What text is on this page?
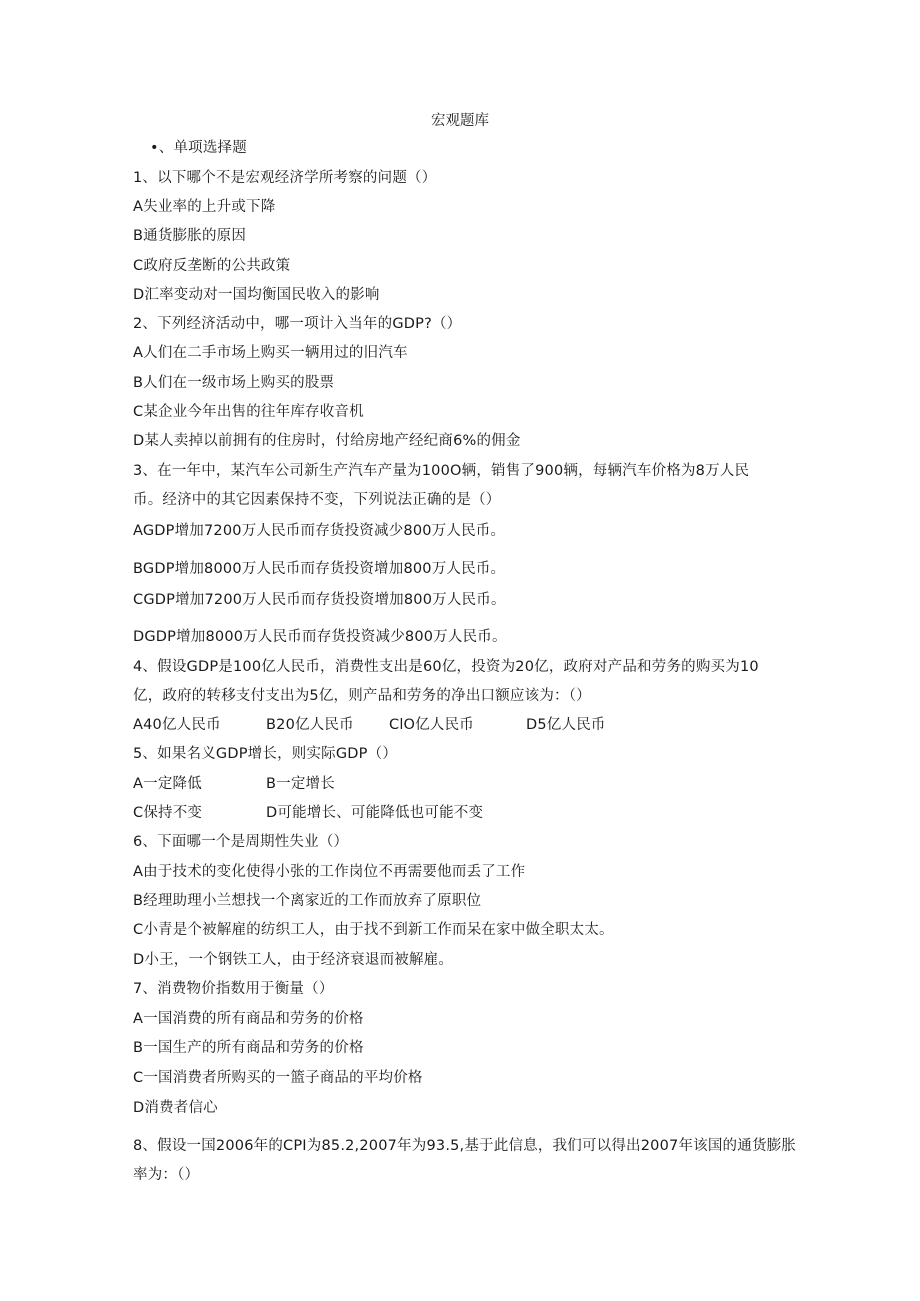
宏观题库
•、单项选择题
1、以下哪个不是宏观经济学所考察的问题（）
A失业率的上升或下降
B通货膨胀的原因
C政府反垄断的公共政策
D汇率变动对一国均衡国民收入的影响
2、下列经济活动中，哪一项计入当年的GDP?（）
A人们在二手市场上购买一辆用过的旧汽车
B人们在一级市场上购买的股票
C某企业今年出售的往年库存收音机
D某人卖掉以前拥有的住房时，付给房地产经纪商6%的佣金
3、在一年中，某汽车公司新生产汽车产量为100O辆，销售了900辆，每辆汽车价格为8万人民
币。经济中的其它因素保持不变，下列说法正确的是（）
AGDP增加7200万人民币而存货投资减少800万人民币。
BGDP增加8000万人民币而存货投资增加800万人民币。
CGDP增加7200万人民币而存货投资增加800万人民币。
DGDP增加8000万人民币而存货投资减少800万人民币。
4、假设GDP是100亿人民币，消费性支出是60亿，投资为20亿，政府对产品和劳务的购买为10
亿，政府的转移支付支出为5亿，则产品和劳务的净出口额应该为：（）
A40亿人民币	B20亿人民币 ClO亿人民币	D5亿人民币
5、如果名义GDP增长，则实际GDP（）
A一定降低	B一定增长
C保持不变	D可能增长、可能降低也可能不变
6、下面哪一个是周期性失业（）
A由于技术的变化使得小张的工作岗位不再需要他而丢了工作
B经理助理小兰想找一个离家近的工作而放弃了原职位
C小青是个被解雇的纺织工人，由于找不到新工作而呆在家中做全职太太。
D小王，一个钢铁工人，由于经济衰退而被解雇。
7、消费物价指数用于衡量（）
A一国消费的所有商品和劳务的价格
B一国生产的所有商品和劳务的价格
C一国消费者所购买的一篮子商品的平均价格
D消费者信心
8、假设一国2006年的CPI为85.2,2007年为93.5,基于此信息，我们可以得出2007年该国的通货膨胀
率为：（）
